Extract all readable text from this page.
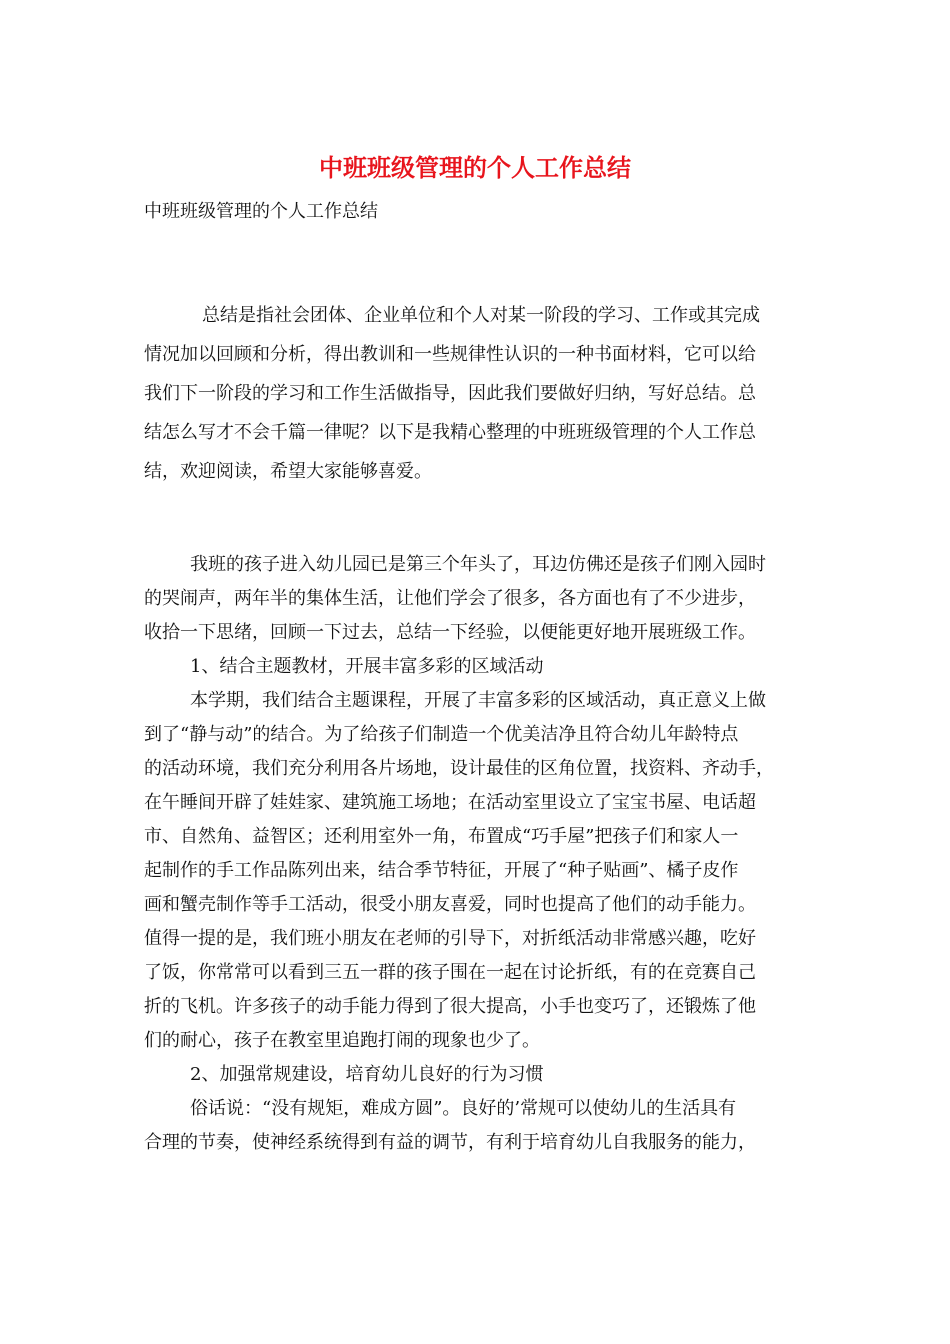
中班班级管理的个人工作总结

中班班级管理的个人工作总结

总结是指社会团体、企业单位和个人对某一阶段的学习、工作或其完成
情况加以回顾和分析，得出教训和一些规律性认识的一种书面材料，它可以给
我们下一阶段的学习和工作生活做指导，因此我们要做好归纳，写好总结。总
结怎么写才不会千篇一律呢？以下是我精心整理的中班班级管理的个人工作总
结，欢迎阅读，希望大家能够喜爱。
我班的孩子进入幼儿园已是第三个年头了，耳边仿佛还是孩子们刚入园时
的哭闹声，两年半的集体生活，让他们学会了很多，各方面也有了不少进步，
收拾一下思绪，回顾一下过去，总结一下经验，以便能更好地开展班级工作。
1、结合主题教材，开展丰富多彩的区域活动
本学期，我们结合主题课程，开展了丰富多彩的区域活动，真正意义上做
到了“静与动”的结合。为了给孩子们制造一个优美洁净且符合幼儿年龄特点
的活动环境，我们充分利用各片场地，设计最佳的区角位置，找资料、齐动手，
在午睡间开辟了娃娃家、建筑施工场地；在活动室里设立了宝宝书屋、电话超
市、自然角、益智区；还利用室外一角，布置成“巧手屋”把孩子们和家人一
起制作的手工作品陈列出来，结合季节特征，开展了“种子贴画”、橘子皮作
画和蟹壳制作等手工活动，很受小朋友喜爱，同时也提高了他们的动手能力。
值得一提的是，我们班小朋友在老师的引导下，对折纸活动非常感兴趣，吃好
了饭，你常常可以看到三五一群的孩子围在一起在讨论折纸，有的在竞赛自己
折的飞机。许多孩子的动手能力得到了很大提高，小手也变巧了，还锻炼了他
们的耐心，孩子在教室里追跑打闹的现象也少了。
2、加强常规建设，培育幼儿良好的行为习惯
俗话说：“没有规矩，难成方圆”。良好的’常规可以使幼儿的生活具有
合理的节奏，使神经系统得到有益的调节，有利于培育幼儿自我服务的能力，
